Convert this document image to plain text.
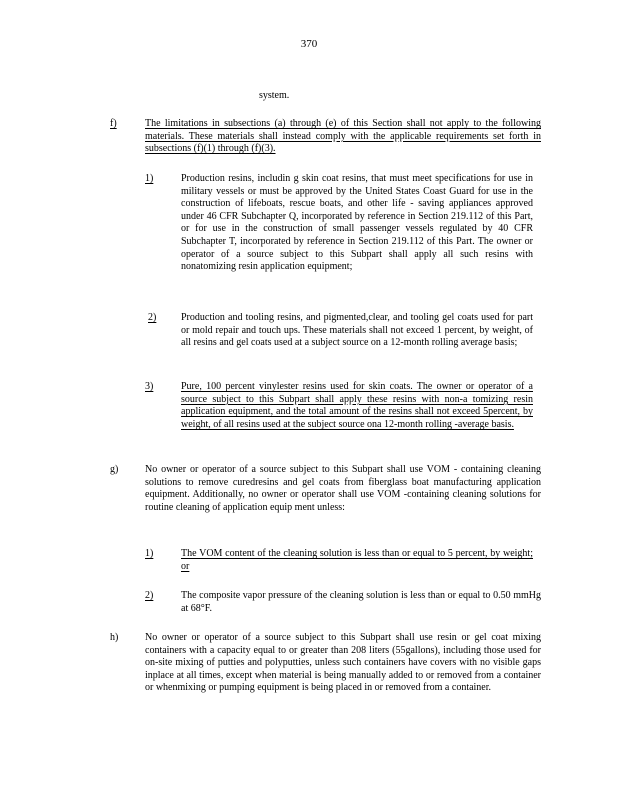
370
system.
f)	The limitations in subsections (a) through (e) of this Section shall not apply to the following materials. These materials shall instead comply with the applicable requirements set forth in subsections (f)(1) through (f)(3).
1)	Production resins, includin g skin coat resins, that must meet specifications for use in military vessels or must be approved by the United States Coast Guard for use in the construction of lifeboats, rescue boats, and other life - saving appliances approved under 46 CFR Subchapter Q, incorporated by reference in Section 219.112 of this Part, or for use in the construction of small passenger vessels regulated by 40 CFR Subchapter T, incorporated by reference in Section 219.112 of this Part. The owner or operator of a source subject to this Subpart shall apply all such resins with nonatomizing resin application equipment;
2) Production and tooling resins, and pigmented,clear, and tooling gel coats used for part or mold repair and touch ups. These materials shall not exceed 1 percent, by weight, of all resins and gel coats used at a subject source on a 12-month rolling average basis;
3)	Pure, 100 percent vinylester resins used for skin coats. The owner or operator of a source subject to this Subpart shall apply these resins with non-a tomizing resin application equipment, and the total amount of the resins shall not exceed 5percent, by weight, of all resins used at the subject source ona 12-month rolling -average basis.
g)	No owner or operator of a source subject to this Subpart shall use VOM - containing cleaning solutions to remove curedresins and gel coats from fiberglass boat manufacturing application equipment. Additionally, no owner or operator shall use VOM -containing cleaning solutions for routine cleaning of application equip ment unless:
1)	The VOM content of the cleaning solution is less than or equal to 5 percent, by weight; or
2)	The composite vapor pressure of the cleaning solution is less than or equal to 0.50 mmHg at 68°F.
h)	No owner or operator of a source subject to this Subpart shall use resin or gel coat mixing containers with a capacity equal to or greater than 208 liters (55gallons), including those used for on-site mixing of putties and polyputties, unless such containers have covers with no visible gaps inplace at all times, except when material is being manually added to or removed from a container or whenmixing or pumping equipment is being placed in or removed from a container.
